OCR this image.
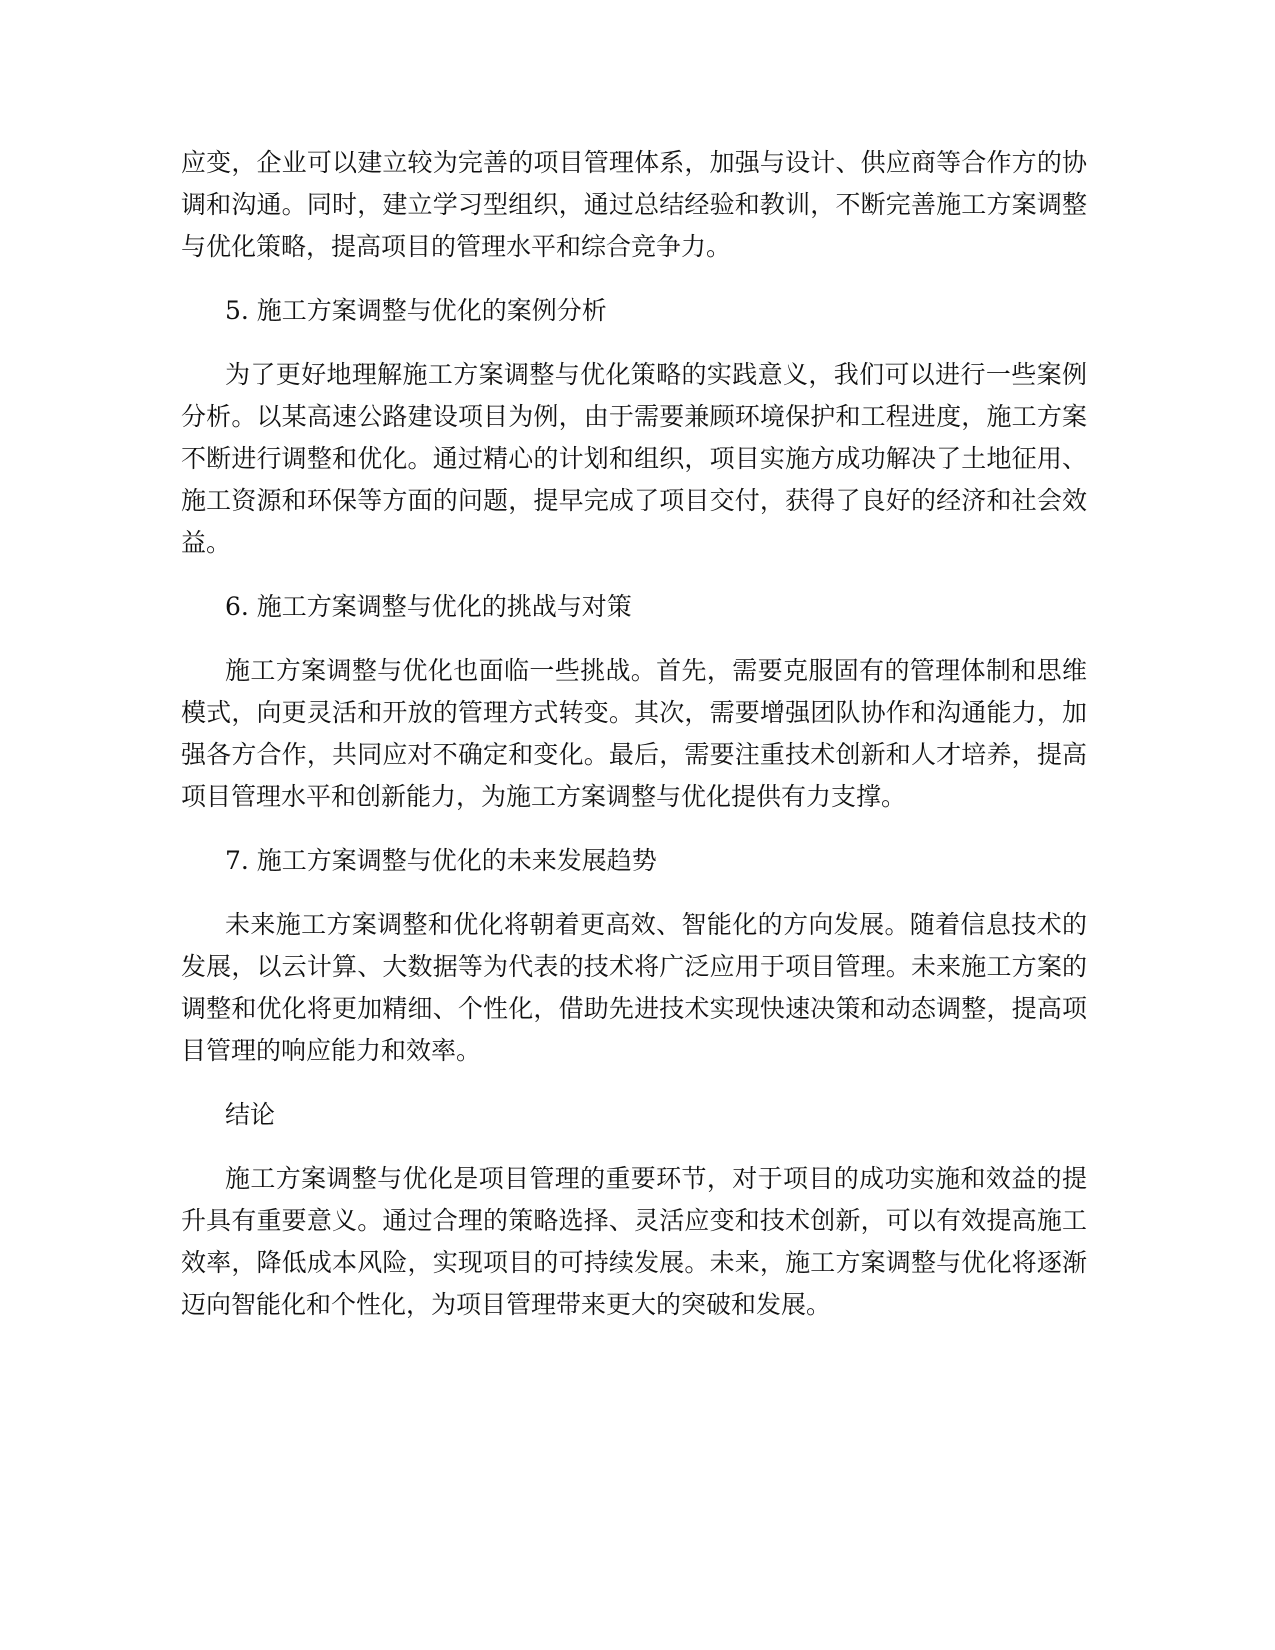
应变，企业可以建立较为完善的项目管理体系，加强与设计、供应商等合作方的协调和沟通。同时，建立学习型组织，通过总结经验和教训，不断完善施工方案调整与优化策略，提高项目的管理水平和综合竞争力。

5. 施工方案调整与优化的案例分析

为了更好地理解施工方案调整与优化策略的实践意义，我们可以进行一些案例分析。以某高速公路建设项目为例，由于需要兼顾环境保护和工程进度，施工方案不断进行调整和优化。通过精心的计划和组织，项目实施方成功解决了土地征用、施工资源和环保等方面的问题，提早完成了项目交付，获得了良好的经济和社会效益。

6. 施工方案调整与优化的挑战与对策

施工方案调整与优化也面临一些挑战。首先，需要克服固有的管理体制和思维模式，向更灵活和开放的管理方式转变。其次，需要增强团队协作和沟通能力，加强各方合作，共同应对不确定和变化。最后，需要注重技术创新和人才培养，提高项目管理水平和创新能力，为施工方案调整与优化提供有力支撑。

7. 施工方案调整与优化的未来发展趋势

未来施工方案调整和优化将朝着更高效、智能化的方向发展。随着信息技术的发展，以云计算、大数据等为代表的技术将广泛应用于项目管理。未来施工方案的调整和优化将更加精细、个性化，借助先进技术实现快速决策和动态调整，提高项目管理的响应能力和效率。

结论

施工方案调整与优化是项目管理的重要环节，对于项目的成功实施和效益的提升具有重要意义。通过合理的策略选择、灵活应变和技术创新，可以有效提高施工效率，降低成本风险，实现项目的可持续发展。未来，施工方案调整与优化将逐渐迈向智能化和个性化，为项目管理带来更大的突破和发展。
